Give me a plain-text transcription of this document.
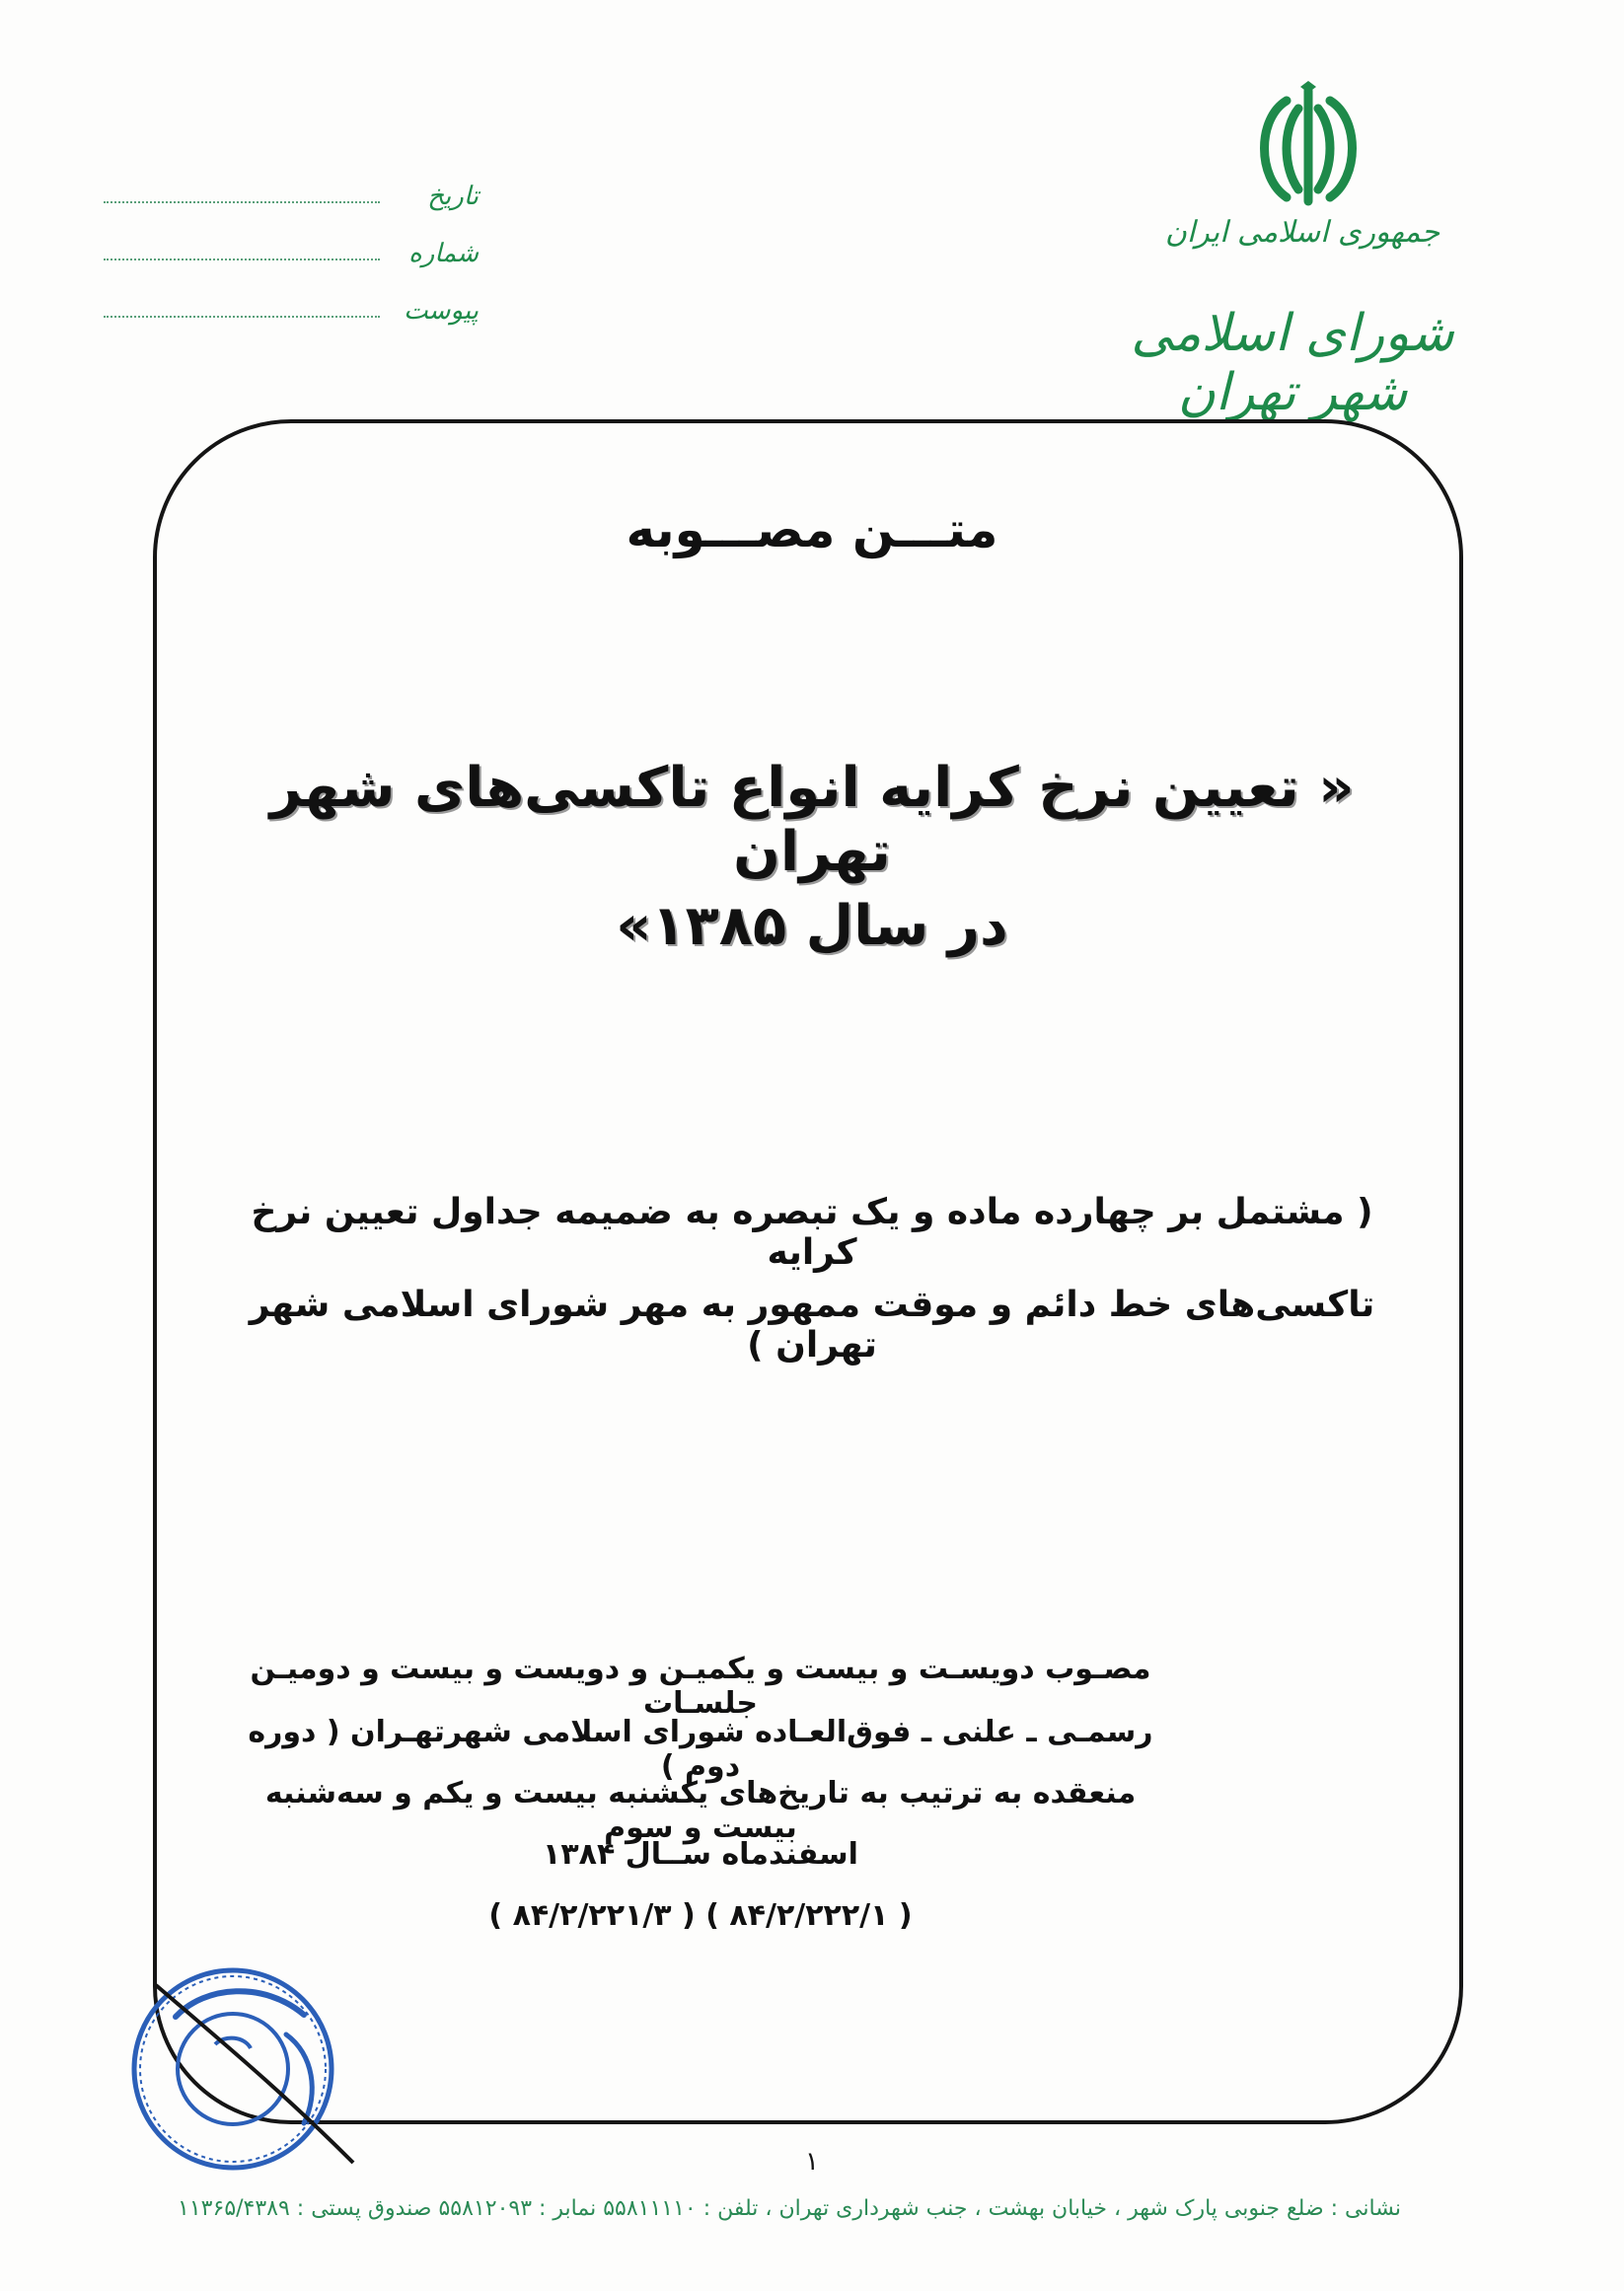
جمهوری اسلامی ایران
شورای اسلامی شهر تهران
تاریخ
شماره
پیوست
متـــن مصـــوبه
« تعیین نرخ کرایه انواع تاکسی‌های شهر تهران
در سال ۱۳۸۵»
( مشتمل بر چهارده ماده و یک تبصره به ضمیمه جداول تعیین نرخ کرایه
تاکسی‌های خط دائم و موقت ممهور به مهر شورای اسلامی شهر تهران )
مصـوب دویسـت و بیست و یکمیـن و دویست و بیست و دومیـن جلسـات
رسمـی ـ علنی ـ فوق‌العـاده شورای اسلامی شهرتهـران ( دوره دوم )
منعقده به ترتیب به تاریخ‌های یکشنبه بیست و یکم و سه‌شنبه بیست و سوم
اسفندماه ســال ۱۳۸۴
( ۸۴/۲/۲۲۲/۱ ) ( ۸۴/۲/۲۲۱/۳ )
۱
نشانی : ضلع جنوبی پارک شهر ، خیابان بهشت ، جنب شهرداری تهران ، تلفن : ۵۵۸۱۱۱۱۰ نمابر : ۵۵۸۱۲۰۹۳ صندوق پستی : ۱۱۳۶۵/۴۳۸۹
